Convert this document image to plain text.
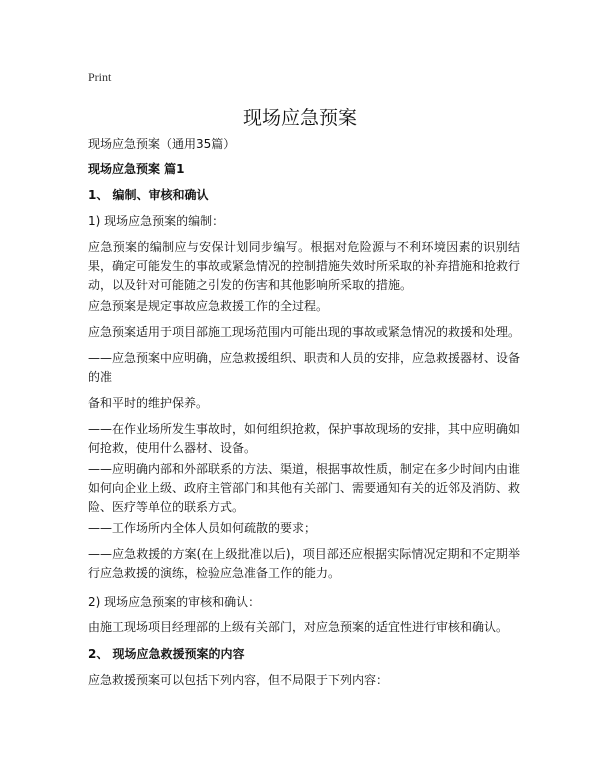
Print
现场应急预案
现场应急预案（通用35篇）

现场应急预案 篇1

1、 编制、审核和确认

1) 现场应急预案的编制：

应急预案的编制应与安保计划同步编写。根据对危险源与不利环境因素的识别结果，确定可能发生的事故或紧急情况的控制措施失效时所采取的补弃措施和抢救行动，以及针对可能随之引发的伤害和其他影响所采取的措施。

应急预案是规定事故应急救援工作的全过程。

应急预案适用于项目部施工现场范围内可能出现的事故或紧急情况的救援和处理。

——应急预案中应明确，应急救援组织、职责和人员的安排，应急救援器材、设备的准

备和平时的维护保养。

——在作业场所发生事故时，如何组织抢救，保护事故现场的安排，其中应明确如何抢救，使用什么器材、设备。

——应明确内部和外部联系的方法、渠道，根据事故性质，制定在多少时间内由谁如何向企业上级、政府主管部门和其他有关部门、需要通知有关的近邻及消防、救险、医疗等单位的联系方式。

——工作场所内全体人员如何疏散的要求；

——应急救援的方案(在上级批准以后)，项目部还应根据实际情况定期和不定期举行应急救援的演练，检验应急准备工作的能力。

2) 现场应急预案的审核和确认：

由施工现场项目经理部的上级有关部门，对应急预案的适宜性进行审核和确认。

2、 现场应急救援预案的内容

应急救援预案可以包括下列内容，但不局限于下列内容：
